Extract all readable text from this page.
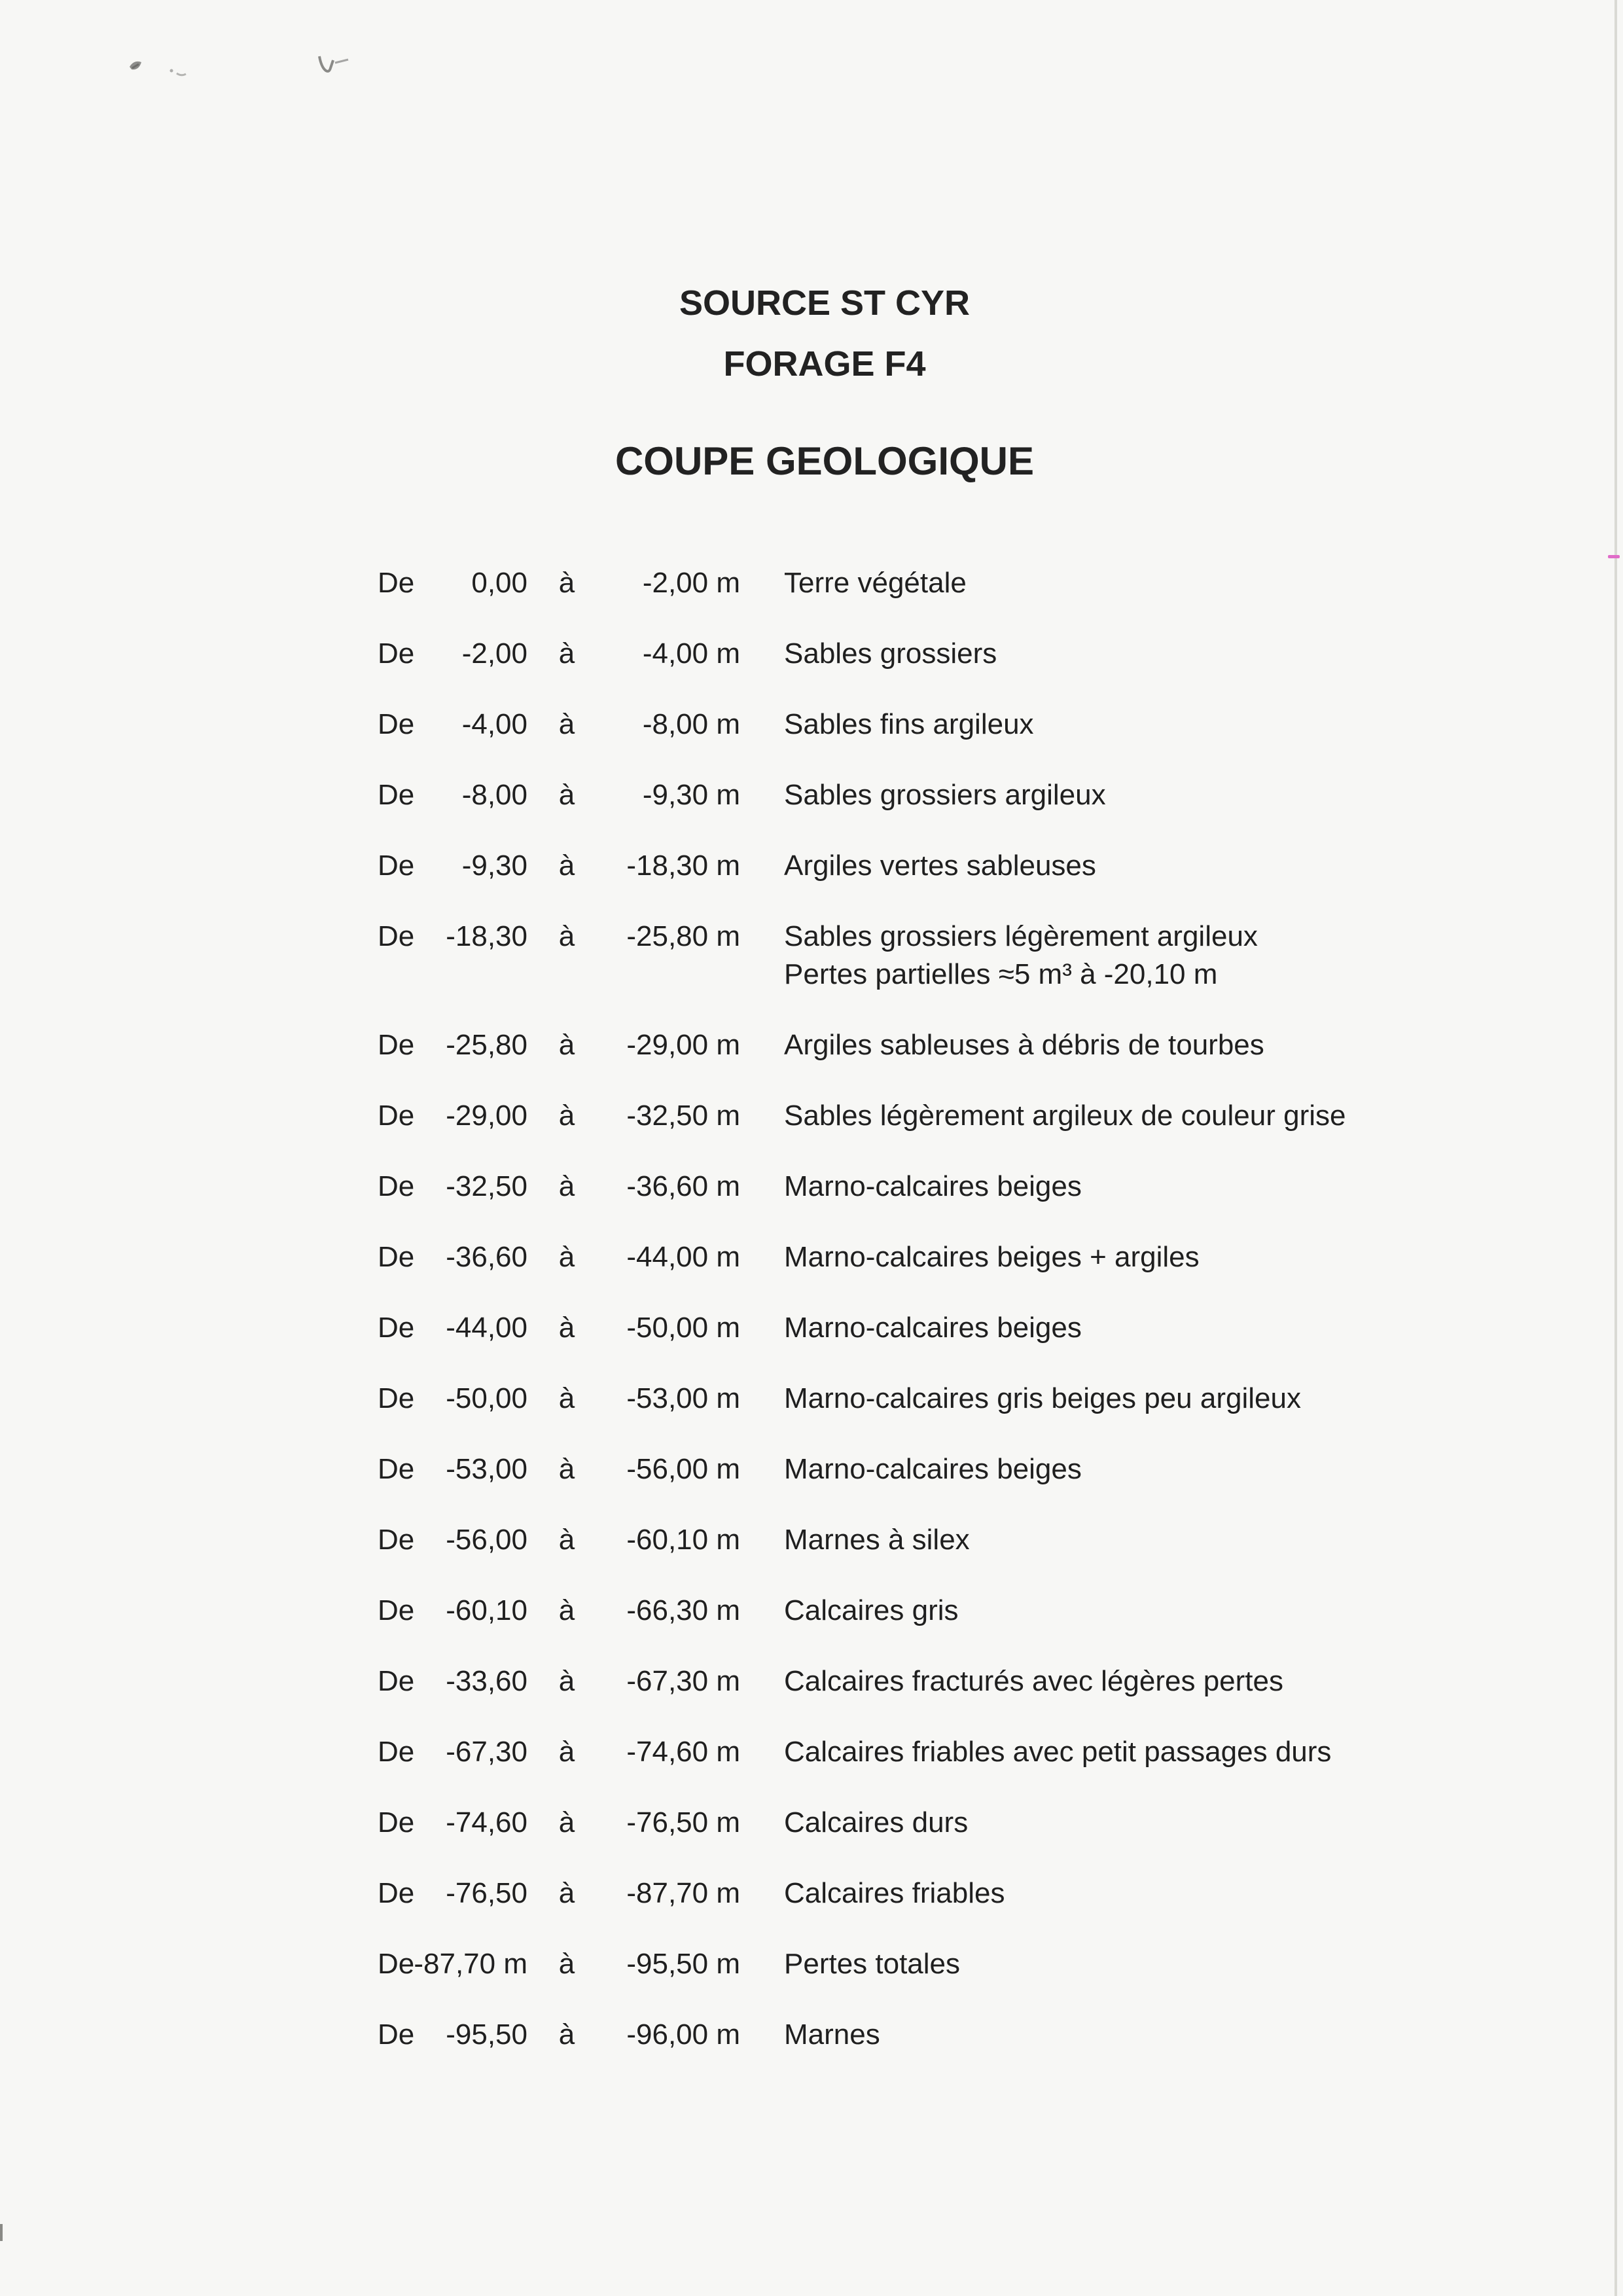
SOURCE ST CYR
FORAGE F4
COUPE GEOLOGIQUE
De	0,00	à	-2,00 m Terre végétale
De	-2,00	à	-4,00 m Sables grossiers
De	-4,00	à	-8,00 m Sables fins argileux
De	-8,00	à	-9,30 m Sables grossiers argileux
De	-9,30	à	-18,30 m Argiles vertes sableuses
De	-18,30	à	-25,80 m Sables grossiers légèrement argileux
Pertes partielles ≈5 m³ à -20,10 m
De	-25,80	à	-29,00 m Argiles sableuses à débris de tourbes
De	-29,00	à	-32,50 m Sables légèrement argileux de couleur grise
De	-32,50	à	-36,60 m Marno-calcaires beiges
De	-36,60	à	-44,00 m Marno-calcaires beiges + argiles
De	-44,00	à	-50,00 m Marno-calcaires beiges
De	-50,00	à	-53,00 m Marno-calcaires gris beiges peu argileux
De	-53,00	à	-56,00 m Marno-calcaires beiges
De	-56,00	à	-60,10 m Marnes à silex
De	-60,10	à	-66,30 m Calcaires gris
De	-33,60	à	-67,30 m Calcaires fracturés avec légères pertes
De	-67,30	à	-74,60 m Calcaires friables avec petit passages durs
De	-74,60	à	-76,50 m Calcaires durs
De	-76,50	à	-87,70 m Calcaires friables
De -87,70 m	à	-95,50 m Pertes totales
De	-95,50	à	-96,00 m Marnes
